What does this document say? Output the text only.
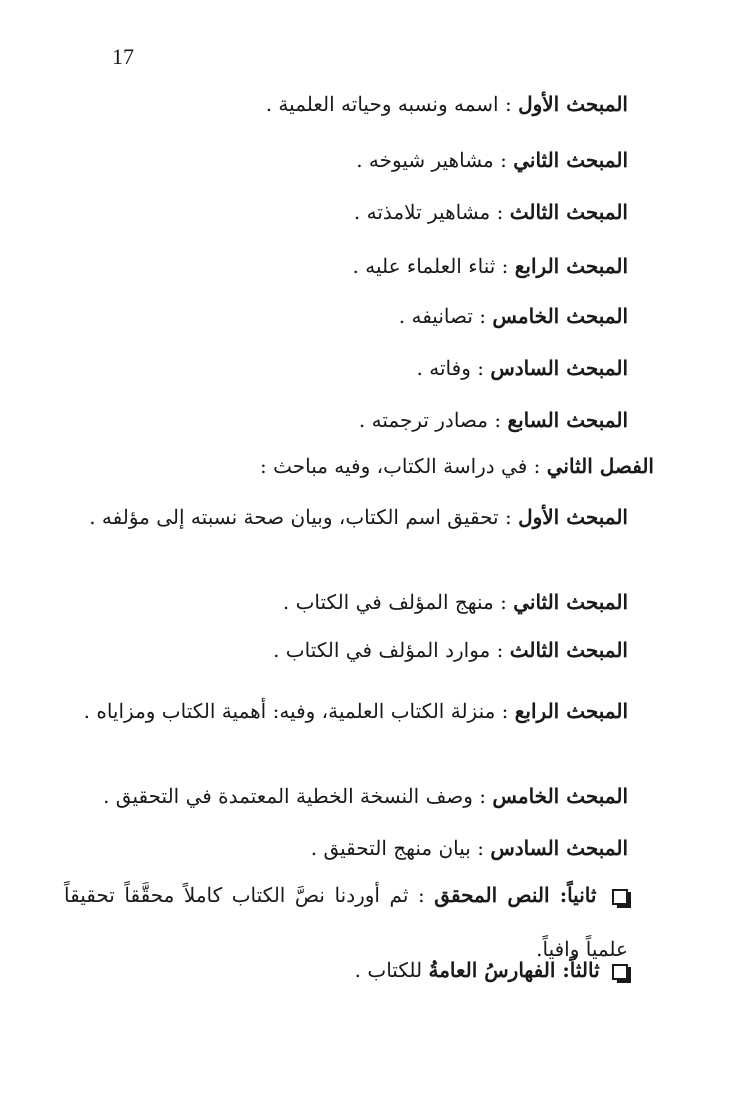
17
المبحث الأول : اسمه ونسبه وحياته العلمية .
المبحث الثاني : مشاهير شيوخه .
المبحث الثالث : مشاهير تلامذته .
المبحث الرابع : ثناء العلماء عليه .
المبحث الخامس : تصانيفه .
المبحث السادس : وفاته .
المبحث السابع : مصادر ترجمته .
الفصل الثاني : في دراسة الكتاب، وفيه مباحث :
المبحث الأول : تحقيق اسم الكتاب، وبيان صحة نسبته إلى مؤلفه .
المبحث الثاني : منهج المؤلف في الكتاب .
المبحث الثالث : موارد المؤلف في الكتاب .
المبحث الرابع : منزلة الكتاب العلمية، وفيه: أهمية الكتاب ومزاياه .
المبحث الخامس : وصف النسخة الخطية المعتمدة في التحقيق .
المبحث السادس : بيان منهج التحقيق .
ثانياً: النص المحقق : ثم أوردنا نصَّ الكتاب كاملاً محقَّقاً تحقيقاً علمياً وافياً.
ثالثاً: الفهارسُ العامةُ للكتاب .
